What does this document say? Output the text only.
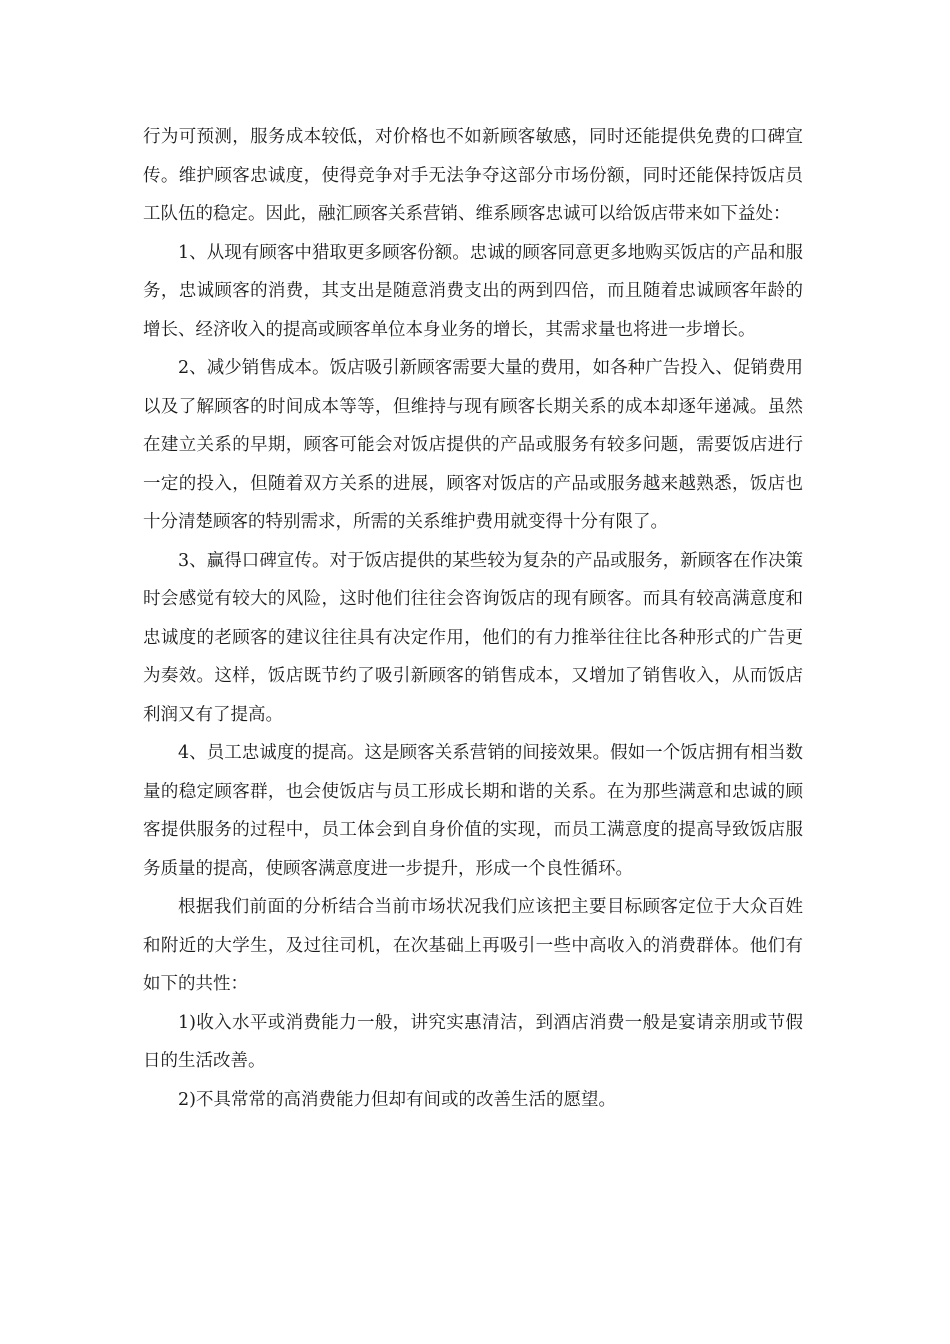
行为可预测，服务成本较低，对价格也不如新顾客敏感，同时还能提供免费的口碑宣传。维护顾客忠诚度，使得竞争对手无法争夺这部分市场份额，同时还能保持饭店员工队伍的稳定。因此，融汇顾客关系营销、维系顾客忠诚可以给饭店带来如下益处：

1、从现有顾客中猎取更多顾客份额。忠诚的顾客同意更多地购买饭店的产品和服务，忠诚顾客的消费，其支出是随意消费支出的两到四倍，而且随着忠诚顾客年龄的增长、经济收入的提高或顾客单位本身业务的增长，其需求量也将进一步增长。

2、减少销售成本。饭店吸引新顾客需要大量的费用，如各种广告投入、促销费用以及了解顾客的时间成本等等，但维持与现有顾客长期关系的成本却逐年递减。虽然在建立关系的早期，顾客可能会对饭店提供的产品或服务有较多问题，需要饭店进行一定的投入，但随着双方关系的进展，顾客对饭店的产品或服务越来越熟悉，饭店也十分清楚顾客的特别需求，所需的关系维护费用就变得十分有限了。

3、赢得口碑宣传。对于饭店提供的某些较为复杂的产品或服务，新顾客在作决策时会感觉有较大的风险，这时他们往往会咨询饭店的现有顾客。而具有较高满意度和忠诚度的老顾客的建议往往具有决定作用，他们的有力推举往往比各种形式的广告更为奏效。这样，饭店既节约了吸引新顾客的销售成本，又增加了销售收入，从而饭店利润又有了提高。

4、员工忠诚度的提高。这是顾客关系营销的间接效果。假如一个饭店拥有相当数量的稳定顾客群，也会使饭店与员工形成长期和谐的关系。在为那些满意和忠诚的顾客提供服务的过程中，员工体会到自身价值的实现，而员工满意度的提高导致饭店服务质量的提高，使顾客满意度进一步提升，形成一个良性循环。

根据我们前面的分析结合当前市场状况我们应该把主要目标顾客定位于大众百姓和附近的大学生，及过往司机，在次基础上再吸引一些中高收入的消费群体。他们有如下的共性：

1)收入水平或消费能力一般，讲究实惠清洁，到酒店消费一般是宴请亲朋或节假日的生活改善。

2)不具常常的高消费能力但却有间或的改善生活的愿望。
